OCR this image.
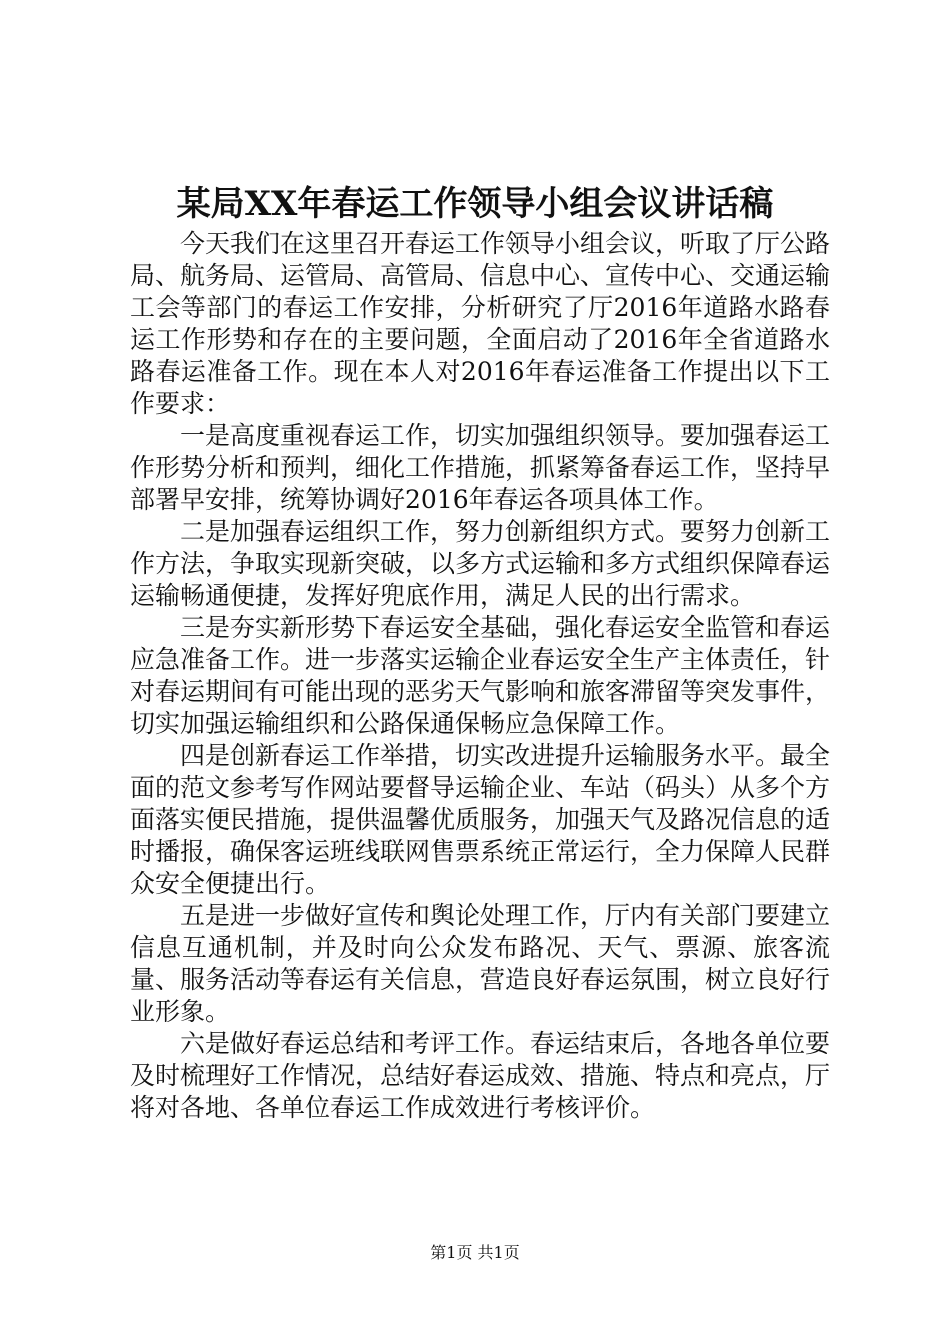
某局XX年春运工作领导小组会议讲话稿

今天我们在这里召开春运工作领导小组会议，听取了厅公路局、航务局、运管局、高管局、信息中心、宣传中心、交通运输工会等部门的春运工作安排，分析研究了厅2016年道路水路春运工作形势和存在的主要问题，全面启动了2016年全省道路水路春运准备工作。现在本人对2016年春运准备工作提出以下工作要求：

一是高度重视春运工作，切实加强组织领导。要加强春运工作形势分析和预判，细化工作措施，抓紧筹备春运工作，坚持早部署早安排，统筹协调好2016年春运各项具体工作。

二是加强春运组织工作，努力创新组织方式。要努力创新工作方法，争取实现新突破，以多方式运输和多方式组织保障春运运输畅通便捷，发挥好兜底作用，满足人民的出行需求。

三是夯实新形势下春运安全基础，强化春运安全监管和春运应急准备工作。进一步落实运输企业春运安全生产主体责任，针对春运期间有可能出现的恶劣天气影响和旅客滞留等突发事件，切实加强运输组织和公路保通保畅应急保障工作。

四是创新春运工作举措，切实改进提升运输服务水平。最全面的范文参考写作网站要督导运输企业、车站（码头）从多个方面落实便民措施，提供温馨优质服务，加强天气及路况信息的适时播报，确保客运班线联网售票系统正常运行，全力保障人民群众安全便捷出行。

五是进一步做好宣传和舆论处理工作，厅内有关部门要建立信息互通机制，并及时向公众发布路况、天气、票源、旅客流量、服务活动等春运有关信息，营造良好春运氛围，树立良好行业形象。

六是做好春运总结和考评工作。春运结束后，各地各单位要及时梳理好工作情况，总结好春运成效、措施、特点和亮点，厅将对各地、各单位春运工作成效进行考核评价。

第1页 共1页
